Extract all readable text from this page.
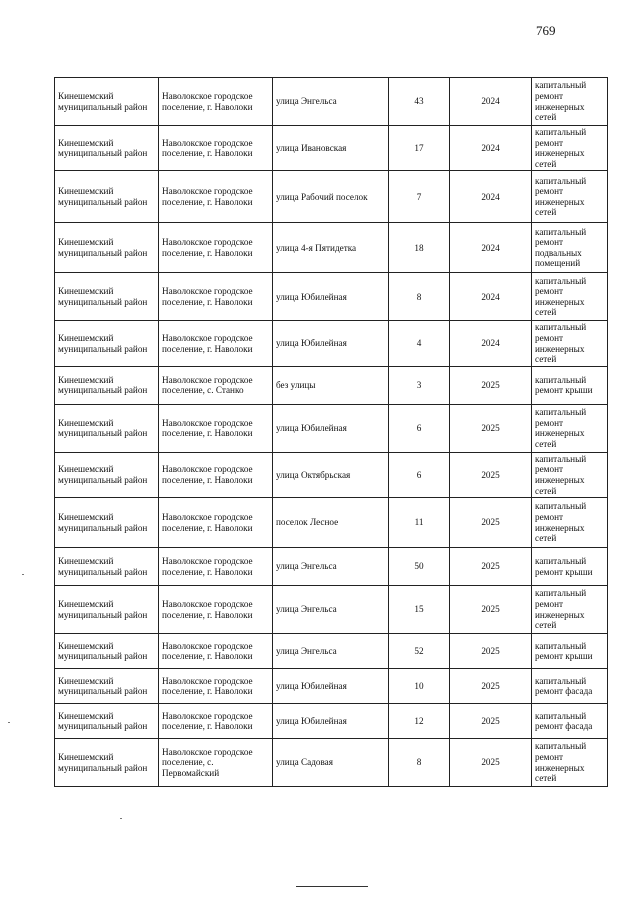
769
Кинешемский муниципальный район	Наволокское городское поселение, г. Наволоки	улица Энгельса	43	2024	капитальный ремонт инженерных сетей
Кинешемский муниципальный район	Наволокское городское поселение, г. Наволоки	улица Ивановская	17	2024	капитальный ремонт инженерных сетей
Кинешемский муниципальный район	Наволокское городское поселение, г. Наволоки	улица Рабочий поселок	7	2024	капитальный ремонт инженерных сетей
Кинешемский муниципальный район	Наволокское городское поселение, г. Наволоки	улица 4-я Пятидетка	18	2024	капитальный ремонт подвальных помещений
Кинешемский муниципальный район	Наволокское городское поселение, г. Наволоки	улица Юбилейная	8	2024	капитальный ремонт инженерных сетей
Кинешемский муниципальный район	Наволокское городское поселение, г. Наволоки	улица Юбилейная	4	2024	капитальный ремонт инженерных сетей
Кинешемский муниципальный район	Наволокское городское поселение, с. Станко	без улицы	3	2025	капитальный ремонт крыши
Кинешемский муниципальный район	Наволокское городское поселение, г. Наволоки	улица Юбилейная	6	2025	капитальный ремонт инженерных сетей
Кинешемский муниципальный район	Наволокское городское поселение, г. Наволоки	улица Октябрьская	6	2025	капитальный ремонт инженерных сетей
Кинешемский муниципальный район	Наволокское городское поселение, г. Наволоки	поселок Лесное	11	2025	капитальный ремонт инженерных сетей
Кинешемский муниципальный район	Наволокское городское поселение, г. Наволоки	улица Энгельса	50	2025	капитальный ремонт крыши
Кинешемский муниципальный район	Наволокское городское поселение, г. Наволоки	улица Энгельса	15	2025	капитальный ремонт инженерных сетей
Кинешемский муниципальный район	Наволокское городское поселение, г. Наволоки	улица Энгельса	52	2025	капитальный ремонт крыши
Кинешемский муниципальный район	Наволокское городское поселение, г. Наволоки	улица Юбилейная	10	2025	капитальный ремонт фасада
Кинешемский муниципальный район	Наволокское городское поселение, г. Наволоки	улица Юбилейная	12	2025	капитальный ремонт фасада
Кинешемский муниципальный район	Наволокское городское поселение, с. Первомайский	улица Садовая	8	2025	капитальный ремонт инженерных сетей
